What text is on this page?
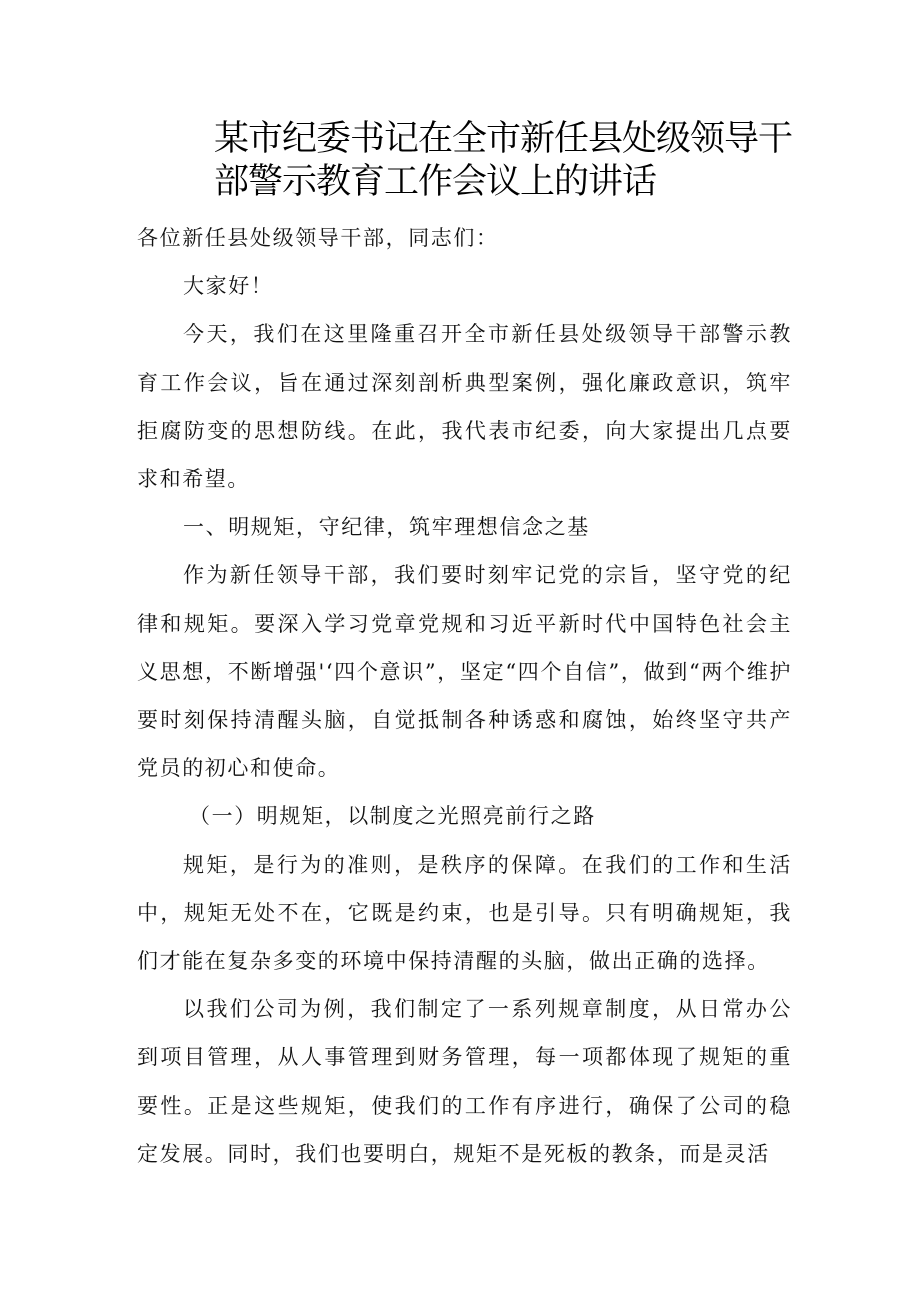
某市纪委书记在全市新任县处级领导干部警示教育工作会议上的讲话

各位新任县处级领导干部，同志们：

大家好！

今天，我们在这里隆重召开全市新任县处级领导干部警示教育工作会议，旨在通过深刻剖析典型案例，强化廉政意识，筑牢拒腐防变的思想防线。在此，我代表市纪委，向大家提出几点要求和希望。

一、明规矩，守纪律，筑牢理想信念之基

作为新任领导干部，我们要时刻牢记党的宗旨，坚守党的纪律和规矩。要深入学习党章党规和习近平新时代中国特色社会主义思想，不断增强'‘四个意识”，坚定“四个自信”，做到“两个维护要时刻保持清醒头脑，自觉抵制各种诱惑和腐蚀，始终坚守共产党员的初心和使命。

（一）明规矩，以制度之光照亮前行之路

规矩，是行为的准则，是秩序的保障。在我们的工作和生活中，规矩无处不在，它既是约束，也是引导。只有明确规矩，我们才能在复杂多变的环境中保持清醒的头脑，做出正确的选择。

以我们公司为例，我们制定了一系列规章制度，从日常办公到项目管理，从人事管理到财务管理，每一项都体现了规矩的重要性。正是这些规矩，使我们的工作有序进行，确保了公司的稳定发展。同时，我们也要明白，规矩不是死板的教条，而是灵活
